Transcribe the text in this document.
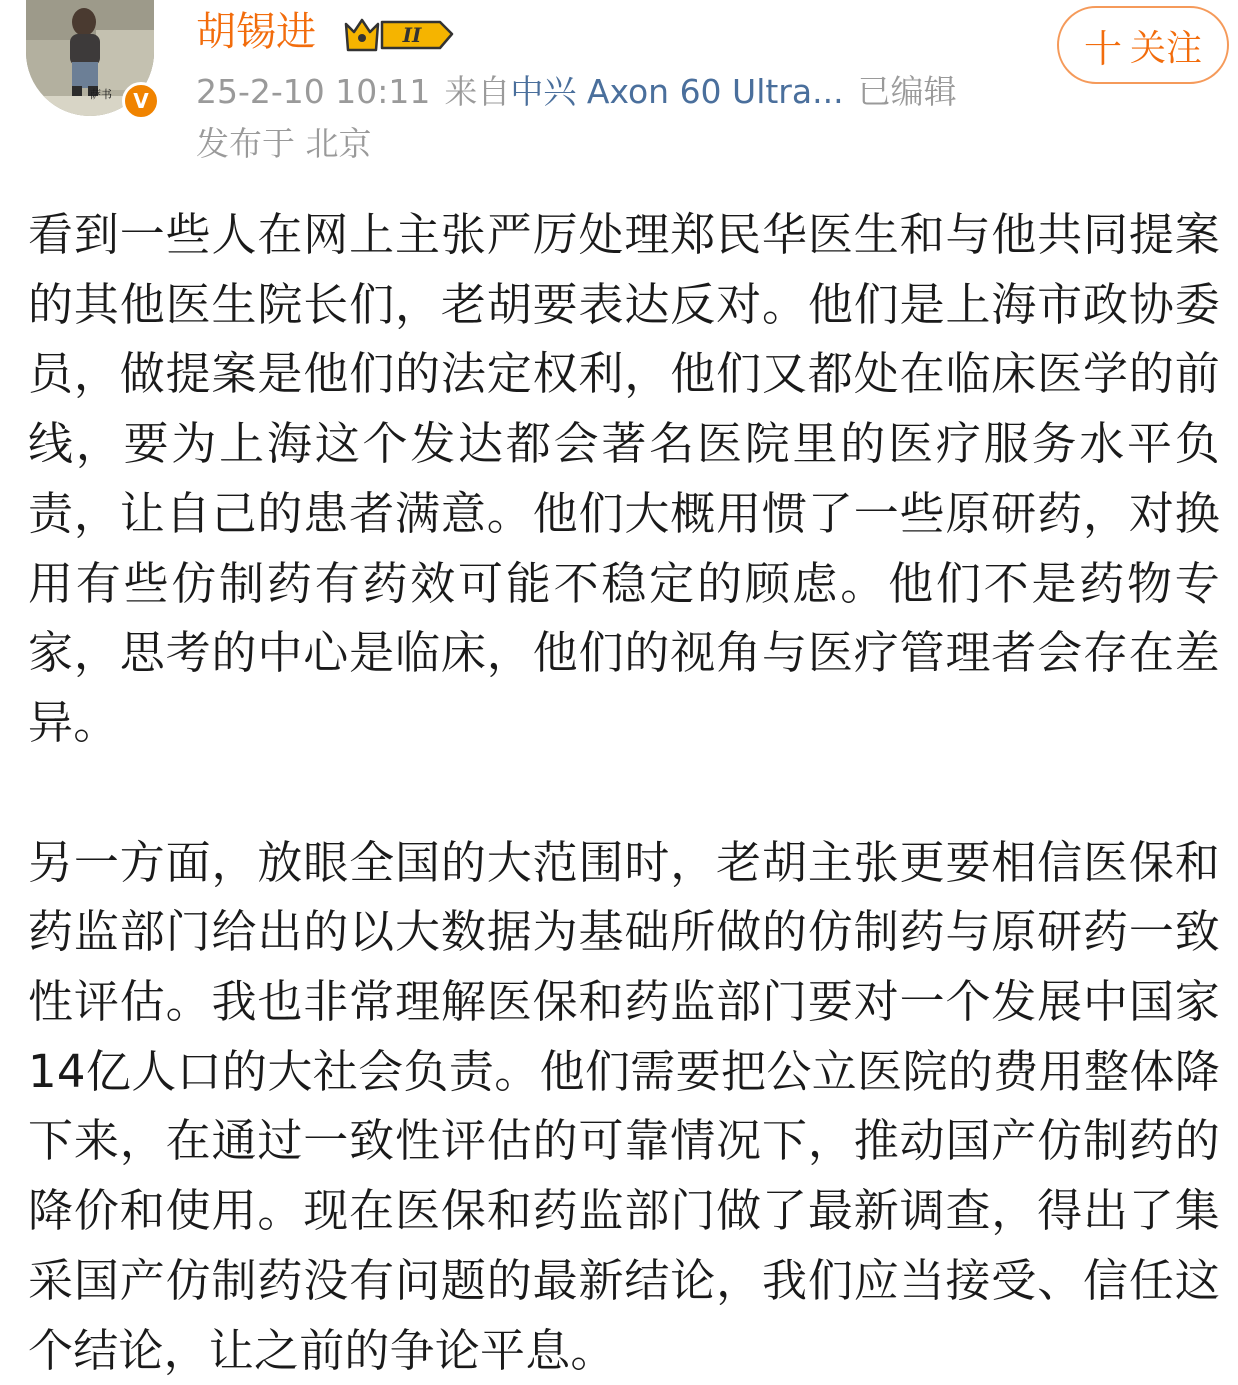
萨书	V
胡锡进	II
25-2-10 10:11 来自中兴 Axon 60 Ultra... 已编辑
发布于 北京
十 关注

看到一些人在网上主张严厉处理郑民华医生和与他共同提案的其他医生院长们，老胡要表达反对。他们是上海市政协委员，做提案是他们的法定权利，他们又都处在临床医学的前线，要为上海这个发达都会著名医院里的医疗服务水平负责，让自己的患者满意。他们大概用惯了一些原研药，对换用有些仿制药有药效可能不稳定的顾虑。他们不是药物专家，思考的中心是临床，他们的视角与医疗管理者会存在差异。

另一方面，放眼全国的大范围时，老胡主张更要相信医保和药监部门给出的以大数据为基础所做的仿制药与原研药一致性评估。我也非常理解医保和药监部门要对一个发展中国家14亿人口的大社会负责。他们需要把公立医院的费用整体降下来，在通过一致性评估的可靠情况下，推动国产仿制药的降价和使用。现在医保和药监部门做了最新调查，得出了集采国产仿制药没有问题的最新结论，我们应当接受、信任这个结论，让之前的争论平息。
